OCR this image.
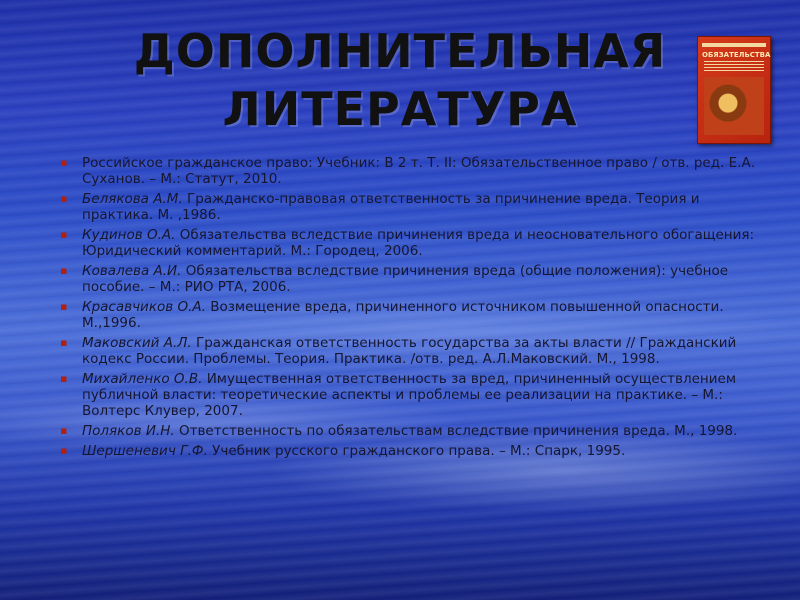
ДОПОЛНИТЕЛЬНАЯ
ЛИТЕРАТУРА
ОБЯЗАТЕЛЬСТВА
▪ Российское гражданское право: Учебник: В 2 т. Т. II: Обязательственное право / отв. ред. Е.А. Суханов. – М.: Статут, 2010.
▪ Белякова А.М. Гражданско-правовая ответственность за причинение вреда. Теория и практика. М. ,1986.
▪ Кудинов О.А. Обязательства вследствие причинения вреда и неосновательного обогащения: Юридический комментарий. М.: Городец, 2006.
▪ Ковалева А.И. Обязательства вследствие причинения вреда (общие положения): учебное пособие. – М.: РИО РТА, 2006.
▪ Красавчиков О.А. Возмещение вреда, причиненного источником повышенной опасности. М.,1996.
▪ Маковский А.Л. Гражданская ответственность государства за акты власти // Гражданский кодекс России. Проблемы. Теория. Практика. /отв. ред. А.Л.Маковский. М., 1998.
▪ Михайленко О.В. Имущественная ответственность за вред, причиненный осуществлением публичной власти: теоретические аспекты и проблемы ее реализации на практике. – М.: Волтерс Клувер, 2007.
▪ Поляков И.Н. Ответственность по обязательствам вследствие причинения вреда. М., 1998.
▪ Шершеневич Г.Ф. Учебник русского гражданского права. – М.: Спарк, 1995.
